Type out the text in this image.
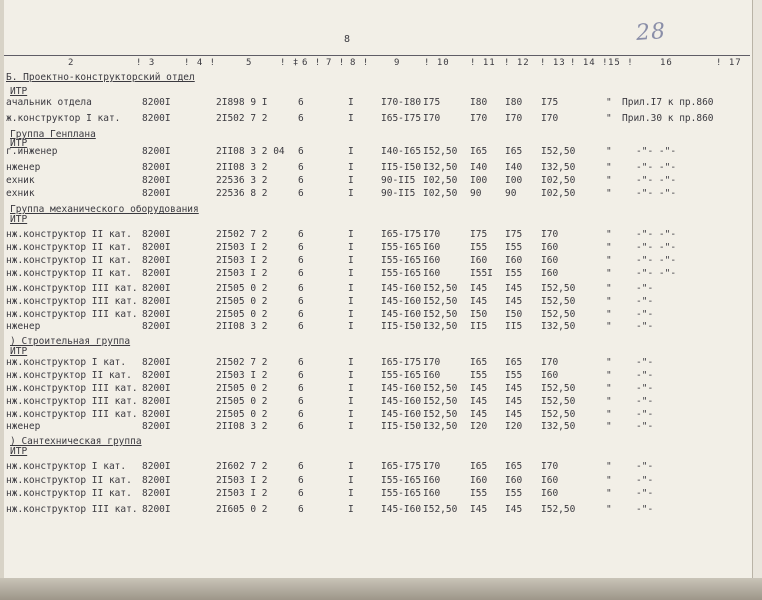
8	28
2	! 3	! 4 !	5	! ‡ 6 ! 7 ! 8 !	9	! 10 ! 11 ! 12 ! 13 ! 14 ! 15 !	16	! 17
Б. Проектно-конструкторский отдел
ИТР
ачальник отдела	8200I	2I898 9 I	6	I	I70-I80 I75	I80 I80 I75	" Прил.I7 к пр.860
ж.конструктор I кат. 8200I	2I502 7 2	6	I	I65-I75 I70	I70 I70 I70	" Прил.30 к пр.860
Группа Генплана
ИТР
г.инженер	8200I	2II08 3 2 04 6	I	I40-I65 I52,50 I65 I65 I52,50	"	-"- -"-
нженер	8200I	2II08 3 2	6	I	II5-I50 I32,50 I40 I40 I32,50	"	-"- -"-
ехник	8200I	22536 3 2	6	I	90-II5 I02,50 I00 I00 I02,50	"	-"- -"-
ехник	8200I	22536 8 2	6	I	90-II5 I02,50 90 90	I02,50	"	-"- -"-
Группа механического оборудования
ИТР
нж.конструктор II кат. 8200I	2I502 7 2	6	I	I65-I75 I70	I75 I75 I70	"	-"- -"-
нж.конструктор II кат. 8200I	2I503 I 2	6	I	I55-I65 I60	I55 I55 I60	"	-"- -"-
нж.конструктор II кат. 8200I	2I503 I 2	6	I	I55-I65 I60	I60 I60 I60	"	-"- -"-
нж.конструктор II кат. 8200I	2I503 I 2	6	I	I55-I65 I60	I55I I55 I60	"	-"- -"-
нж.конструктор III кат. 8200I	2I505 0 2	6	I	I45-I60 I52,50 I45 I45 I52,50	"	-"-
нж.конструктор III кат. 8200I	2I505 0 2	6	I	I45-I60 I52,50 I45 I45 I52,50	"	-"-
нж.конструктор III кат. 8200I	2I505 0 2	6	I	I45-I60 I52,50 I50 I50 I52,50	"	-"-
нженер	8200I	2II08 3 2	6	I	II5-I50 I32,50 II5 II5 I32,50	"	-"-
) Строительная группа
ИТР
нж.конструктор I кат. 8200I	2I502 7 2	6	I	I65-I75 I70	I65 I65 I70	"	-"-
нж.конструктор II кат. 8200I	2I503 I 2	6	I	I55-I65 I60	I55 I55 I60	"	-"-
нж.конструктор III кат. 8200I	2I505 0 2	6	I	I45-I60 I52,50 I45 I45 I52,50	"	-"-
нж.конструктор III кат. 8200I	2I505 0 2	6	I	I45-I60 I52,50 I45 I45 I52,50	"	-"-
нж.конструктор III кат. 8200I	2I505 0 2	6	I	I45-I60 I52,50 I45 I45 I52,50	"	-"-
нженер	8200I	2II08 3 2	6	I	II5-I50 I32,50 I20 I20 I32,50	"	-"-
) Сантехническая группа
ИТР
нж.конструктор I кат. 8200I	2I602 7 2	6	I	I65-I75 I70	I65 I65 I70	"	-"-
нж.конструктор II кат. 8200I	2I503 I 2	6	I	I55-I65 I60	I60 I60 I60	"	-"-
нж.конструктор II кат. 8200I	2I503 I 2	6	I	I55-I65 I60	I55 I55 I60	"	-"-
нж.конструктор III кат. 8200I	2I605 0 2	6	I	I45-I60 I52,50 I45 I45 I52,50	"	-"-
